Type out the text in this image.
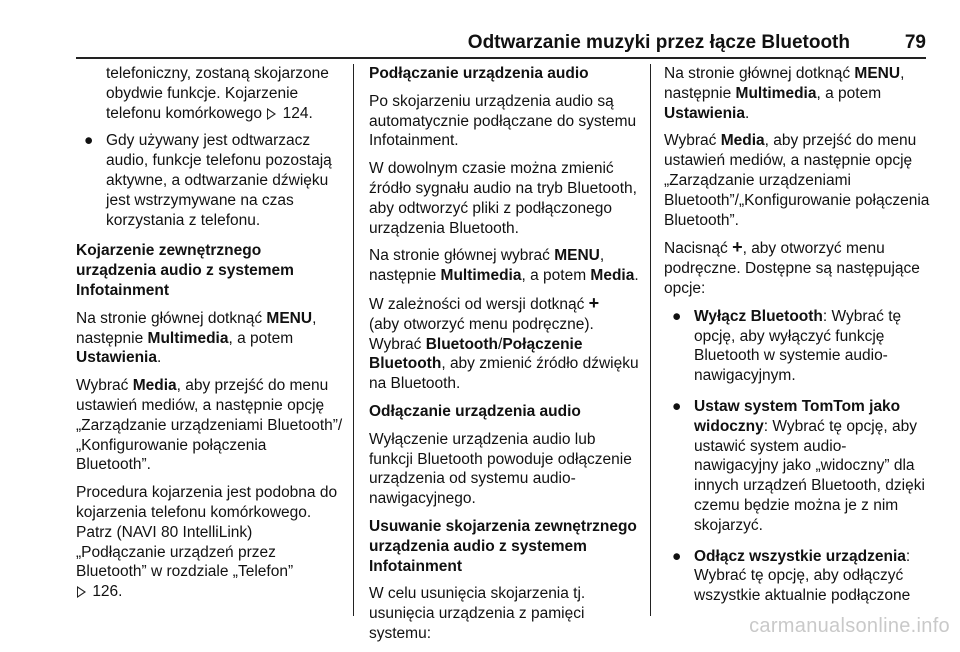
Odtwarzanie muzyki przez łącze Bluetooth	79

telefoniczny, zostaną skojarzone obydwie funkcje. Kojarzenie telefonu komórkowego 124.

● Gdy używany jest odtwarzacz audio, funkcje telefonu pozostają aktywne, a odtwarzanie dźwięku jest wstrzymywane na czas korzystania z telefonu.

Kojarzenie zewnętrznego urządzenia audio z systemem Infotainment

Na stronie głównej dotknąć MENU, następnie Multimedia, a potem Ustawienia.

Wybrać Media, aby przejść do menu ustawień mediów, a następnie opcję „Zarządzanie urządzeniami Bluetooth”/„Konfigurowanie połączenia Bluetooth”.

Procedura kojarzenia jest podobna do kojarzenia telefonu komórkowego. Patrz (NAVI 80 IntelliLink) „Podłączanie urządzeń przez Bluetooth” w rozdziale „Telefon”
126.

Podłączanie urządzenia audio

Po skojarzeniu urządzenia audio są automatycznie podłączane do systemu Infotainment.

W dowolnym czasie można zmienić źródło sygnału audio na tryb Bluetooth, aby odtworzyć pliki z podłączonego urządzenia Bluetooth.

Na stronie głównej wybrać MENU, następnie Multimedia, a potem Media.

W zależności od wersji dotknąć +
(aby otworzyć menu podręczne). Wybrać Bluetooth/Połączenie Bluetooth, aby zmienić źródło dźwięku na Bluetooth.

Odłączanie urządzenia audio

Wyłączenie urządzenia audio lub funkcji Bluetooth powoduje odłączenie urządzenia od systemu audio-nawigacyjnego.

Usuwanie skojarzenia zewnętrznego urządzenia audio z systemem Infotainment

W celu usunięcia skojarzenia tj. usunięcia urządzenia z pamięci systemu:

Na stronie głównej dotknąć MENU, następnie Multimedia, a potem Ustawienia.

Wybrać Media, aby przejść do menu ustawień mediów, a następnie opcję „Zarządzanie urządzeniami Bluetooth”/„Konfigurowanie połączenia Bluetooth”.

Nacisnąć +, aby otworzyć menu podręczne. Dostępne są następujące opcje:

● Wyłącz Bluetooth: Wybrać tę opcję, aby wyłączyć funkcję Bluetooth w systemie audio-nawigacyjnym.
● Ustaw system TomTom jako widoczny: Wybrać tę opcję, aby ustawić system audio-nawigacyjny jako „widoczny” dla innych urządzeń Bluetooth, dzięki czemu będzie można je z nim skojarzyć.
● Odłącz wszystkie urządzenia: Wybrać tę opcję, aby odłączyć wszystkie aktualnie podłączone
carmanualsonline.info
